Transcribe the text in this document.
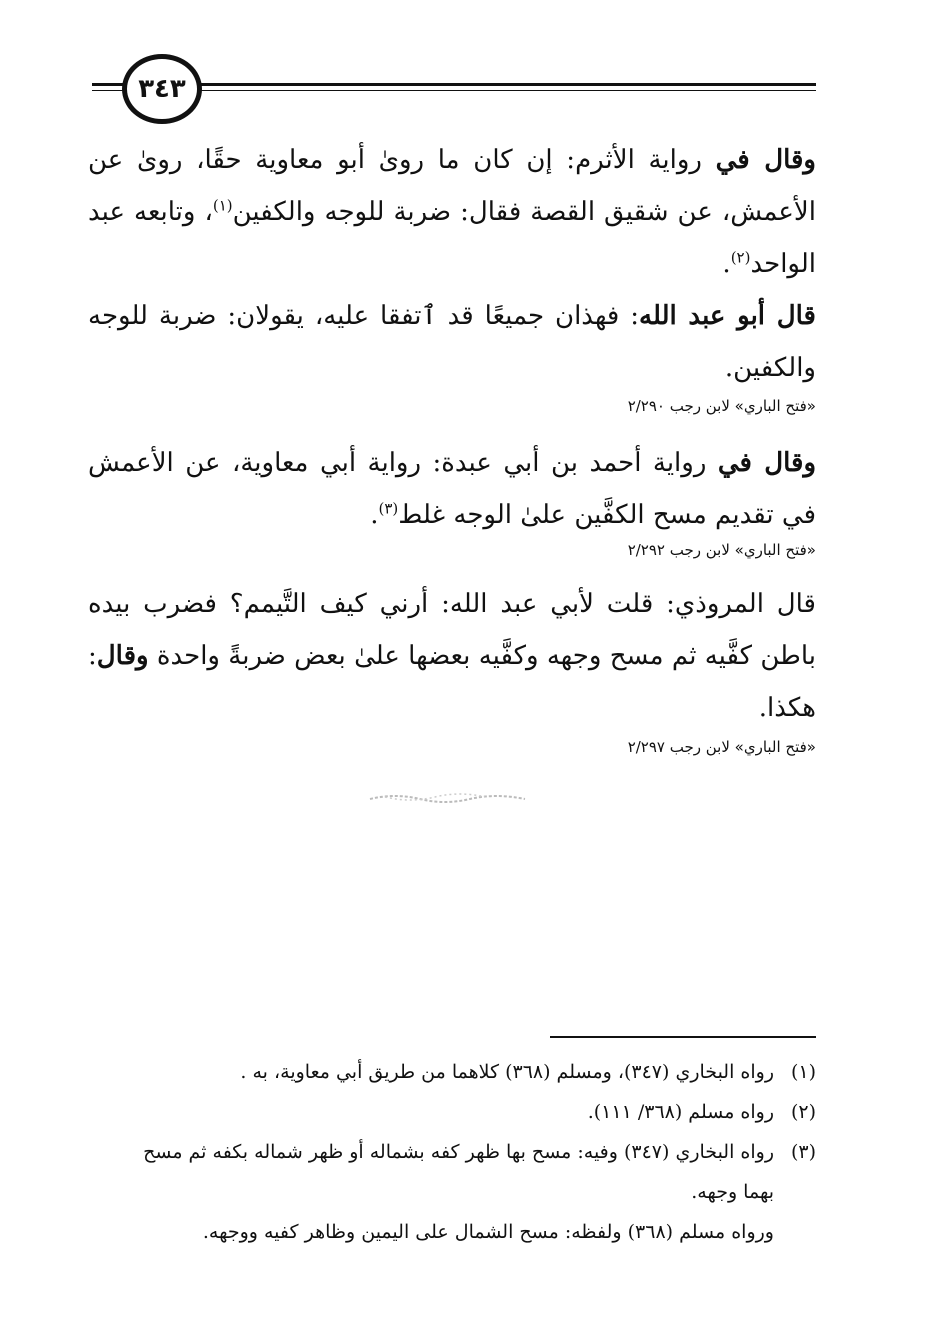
٣٤٣
وقال في رواية الأثرم: إن كان ما روىٰ أبو معاوية حقًا، روىٰ عن الأعمش، عن شقيق القصة فقال: ضربة للوجه والكفين$^{(١)}$، وتابعه عبد الواحد$^{(٢)}$.
قال أبو عبد الله: فهذان جميعًا قد ٱتفقا عليه، يقولان: ضربة للوجه والكفين.
«فتح الباري» لابن رجب ٢/٢٩٠
وقال في رواية أحمد بن أبي عبدة: رواية أبي معاوية، عن الأعمش في تقديم مسح الكفَّين علىٰ الوجه غلط$^{(٣)}$.
«فتح الباري» لابن رجب ٢/٢٩٢
قال المروذي: قلت لأبي عبد الله: أرني كيف التَّيمم؟ فضرب بيده باطن كفَّيه ثم مسح وجهه وكفَّيه بعضها علىٰ بعض ضربةً واحدة وقال: هكذا.
«فتح الباري» لابن رجب ٢/٢٩٧
(١)
رواه البخاري (٣٤٧)، ومسلم (٣٦٨) كلاهما من طريق أبي معاوية، به .
(٢)
رواه مسلم (٣٦٨/ ١١١).
(٣)
رواه البخاري (٣٤٧) وفيه: مسح بها ظهر كفه بشماله أو ظهر شماله بكفه ثم مسح بهما وجهه.
ورواه مسلم (٣٦٨) ولفظه: مسح الشمال على اليمين وظاهر كفيه ووجهه.
